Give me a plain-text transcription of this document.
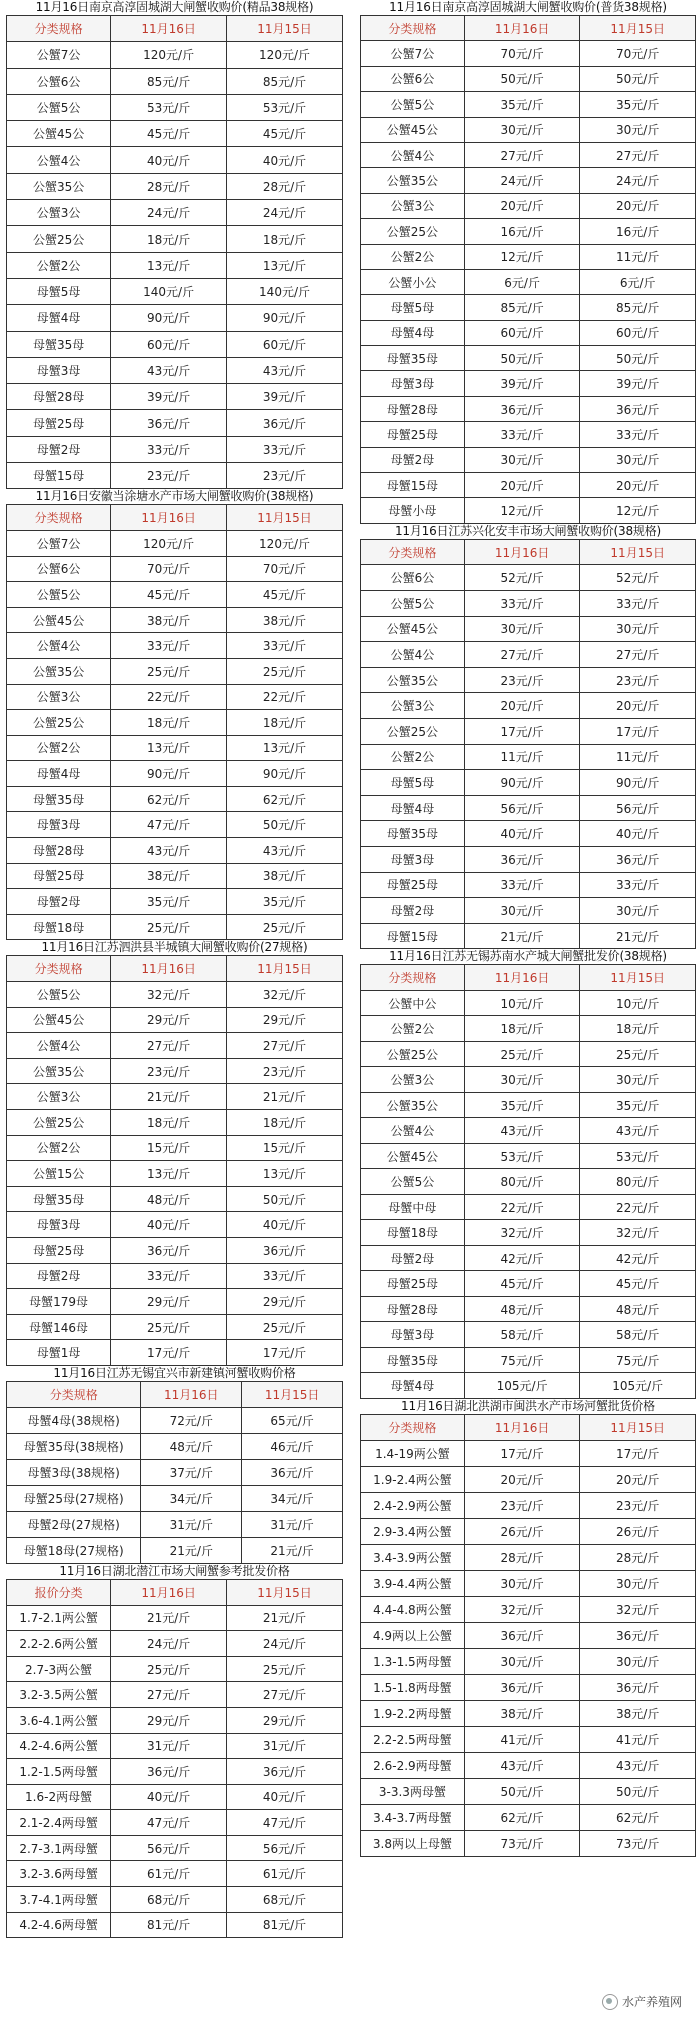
11月16日南京高淳固城湖大闸蟹收购价(精品38规格)
分类规格	11月16日	11月15日
公蟹7公	120元/斤	120元/斤
公蟹6公	85元/斤	85元/斤
公蟹5公	53元/斤	53元/斤
公蟹45公	45元/斤	45元/斤
公蟹4公	40元/斤	40元/斤
公蟹35公	28元/斤	28元/斤
公蟹3公	24元/斤	24元/斤
公蟹25公	18元/斤	18元/斤
公蟹2公	13元/斤	13元/斤
母蟹5母	140元/斤	140元/斤
母蟹4母	90元/斤	90元/斤
母蟹35母	60元/斤	60元/斤
母蟹3母	43元/斤	43元/斤
母蟹28母	39元/斤	39元/斤
母蟹25母	36元/斤	36元/斤
母蟹2母	33元/斤	33元/斤
母蟹15母	23元/斤	23元/斤
11月16日安徽当涂塘水产市场大闸蟹收购价(38规格)
分类规格	11月16日	11月15日
公蟹7公	120元/斤	120元/斤
公蟹6公	70元/斤	70元/斤
公蟹5公	45元/斤	45元/斤
公蟹45公	38元/斤	38元/斤
公蟹4公	33元/斤	33元/斤
公蟹35公	25元/斤	25元/斤
公蟹3公	22元/斤	22元/斤
公蟹25公	18元/斤	18元/斤
公蟹2公	13元/斤	13元/斤
母蟹4母	90元/斤	90元/斤
母蟹35母	62元/斤	62元/斤
母蟹3母	47元/斤	50元/斤
母蟹28母	43元/斤	43元/斤
母蟹25母	38元/斤	38元/斤
母蟹2母	35元/斤	35元/斤
母蟹18母	25元/斤	25元/斤
11月16日江苏泗洪县半城镇大闸蟹收购价(27规格)
分类规格	11月16日	11月15日
公蟹5公	32元/斤	32元/斤
公蟹45公	29元/斤	29元/斤
公蟹4公	27元/斤	27元/斤
公蟹35公	23元/斤	23元/斤
公蟹3公	21元/斤	21元/斤
公蟹25公	18元/斤	18元/斤
公蟹2公	15元/斤	15元/斤
公蟹15公	13元/斤	13元/斤
母蟹35母	48元/斤	50元/斤
母蟹3母	40元/斤	40元/斤
母蟹25母	36元/斤	36元/斤
母蟹2母	33元/斤	33元/斤
母蟹179母	29元/斤	29元/斤
母蟹146母	25元/斤	25元/斤
母蟹1母	17元/斤	17元/斤
11月16日江苏无锡宜兴市新建镇河蟹收购价格
分类规格	11月16日	11月15日
母蟹4母(38规格)	72元/斤	65元/斤
母蟹35母(38规格)	48元/斤	46元/斤
母蟹3母(38规格)	37元/斤	36元/斤
母蟹25母(27规格)	34元/斤	34元/斤
母蟹2母(27规格)	31元/斤	31元/斤
母蟹18母(27规格)	21元/斤	21元/斤
11月16日湖北潜江市场大闸蟹参考批发价格
报价分类	11月16日	11月15日
1.7-2.1两公蟹	21元/斤	21元/斤
2.2-2.6两公蟹	24元/斤	24元/斤
2.7-3两公蟹	25元/斤	25元/斤
3.2-3.5两公蟹	27元/斤	27元/斤
3.6-4.1两公蟹	29元/斤	29元/斤
4.2-4.6两公蟹	31元/斤	31元/斤
1.2-1.5两母蟹	36元/斤	36元/斤
1.6-2两母蟹	40元/斤	40元/斤
2.1-2.4两母蟹	47元/斤	47元/斤
2.7-3.1两母蟹	56元/斤	56元/斤
3.2-3.6两母蟹	61元/斤	61元/斤
3.7-4.1两母蟹	68元/斤	68元/斤
4.2-4.6两母蟹	81元/斤	81元/斤
11月16日南京高淳固城湖大闸蟹收购价(普货38规格)
分类规格	11月16日	11月15日
公蟹7公	70元/斤	70元/斤
公蟹6公	50元/斤	50元/斤
公蟹5公	35元/斤	35元/斤
公蟹45公	30元/斤	30元/斤
公蟹4公	27元/斤	27元/斤
公蟹35公	24元/斤	24元/斤
公蟹3公	20元/斤	20元/斤
公蟹25公	16元/斤	16元/斤
公蟹2公	12元/斤	11元/斤
公蟹小公	6元/斤	6元/斤
母蟹5母	85元/斤	85元/斤
母蟹4母	60元/斤	60元/斤
母蟹35母	50元/斤	50元/斤
母蟹3母	39元/斤	39元/斤
母蟹28母	36元/斤	36元/斤
母蟹25母	33元/斤	33元/斤
母蟹2母	30元/斤	30元/斤
母蟹15母	20元/斤	20元/斤
母蟹小母	12元/斤	12元/斤
11月16日江苏兴化安丰市场大闸蟹收购价(38规格)
分类规格	11月16日	11月15日
公蟹6公	52元/斤	52元/斤
公蟹5公	33元/斤	33元/斤
公蟹45公	30元/斤	30元/斤
公蟹4公	27元/斤	27元/斤
公蟹35公	23元/斤	23元/斤
公蟹3公	20元/斤	20元/斤
公蟹25公	17元/斤	17元/斤
公蟹2公	11元/斤	11元/斤
母蟹5母	90元/斤	90元/斤
母蟹4母	56元/斤	56元/斤
母蟹35母	40元/斤	40元/斤
母蟹3母	36元/斤	36元/斤
母蟹25母	33元/斤	33元/斤
母蟹2母	30元/斤	30元/斤
母蟹15母	21元/斤	21元/斤
11月16日江苏无锡苏南水产城大闸蟹批发价(38规格)
分类规格	11月16日	11月15日
公蟹中公	10元/斤	10元/斤
公蟹2公	18元/斤	18元/斤
公蟹25公	25元/斤	25元/斤
公蟹3公	30元/斤	30元/斤
公蟹35公	35元/斤	35元/斤
公蟹4公	43元/斤	43元/斤
公蟹45公	53元/斤	53元/斤
公蟹5公	80元/斤	80元/斤
母蟹中母	22元/斤	22元/斤
母蟹18母	32元/斤	32元/斤
母蟹2母	42元/斤	42元/斤
母蟹25母	45元/斤	45元/斤
母蟹28母	48元/斤	48元/斤
母蟹3母	58元/斤	58元/斤
母蟹35母	75元/斤	75元/斤
母蟹4母	105元/斤	105元/斤
11月16日湖北洪湖市闽洪水产市场河蟹批货价格
分类规格	11月16日	11月15日
1.4-19两公蟹	17元/斤	17元/斤
1.9-2.4两公蟹	20元/斤	20元/斤
2.4-2.9两公蟹	23元/斤	23元/斤
2.9-3.4两公蟹	26元/斤	26元/斤
3.4-3.9两公蟹	28元/斤	28元/斤
3.9-4.4两公蟹	30元/斤	30元/斤
4.4-4.8两公蟹	32元/斤	32元/斤
4.9两以上公蟹	36元/斤	36元/斤
1.3-1.5两母蟹	30元/斤	30元/斤
1.5-1.8两母蟹	36元/斤	36元/斤
1.9-2.2两母蟹	38元/斤	38元/斤
2.2-2.5两母蟹	41元/斤	41元/斤
2.6-2.9两母蟹	43元/斤	43元/斤
3-3.3两母蟹	50元/斤	50元/斤
3.4-3.7两母蟹	62元/斤	62元/斤
3.8两以上母蟹	73元/斤	73元/斤
水产养殖网
